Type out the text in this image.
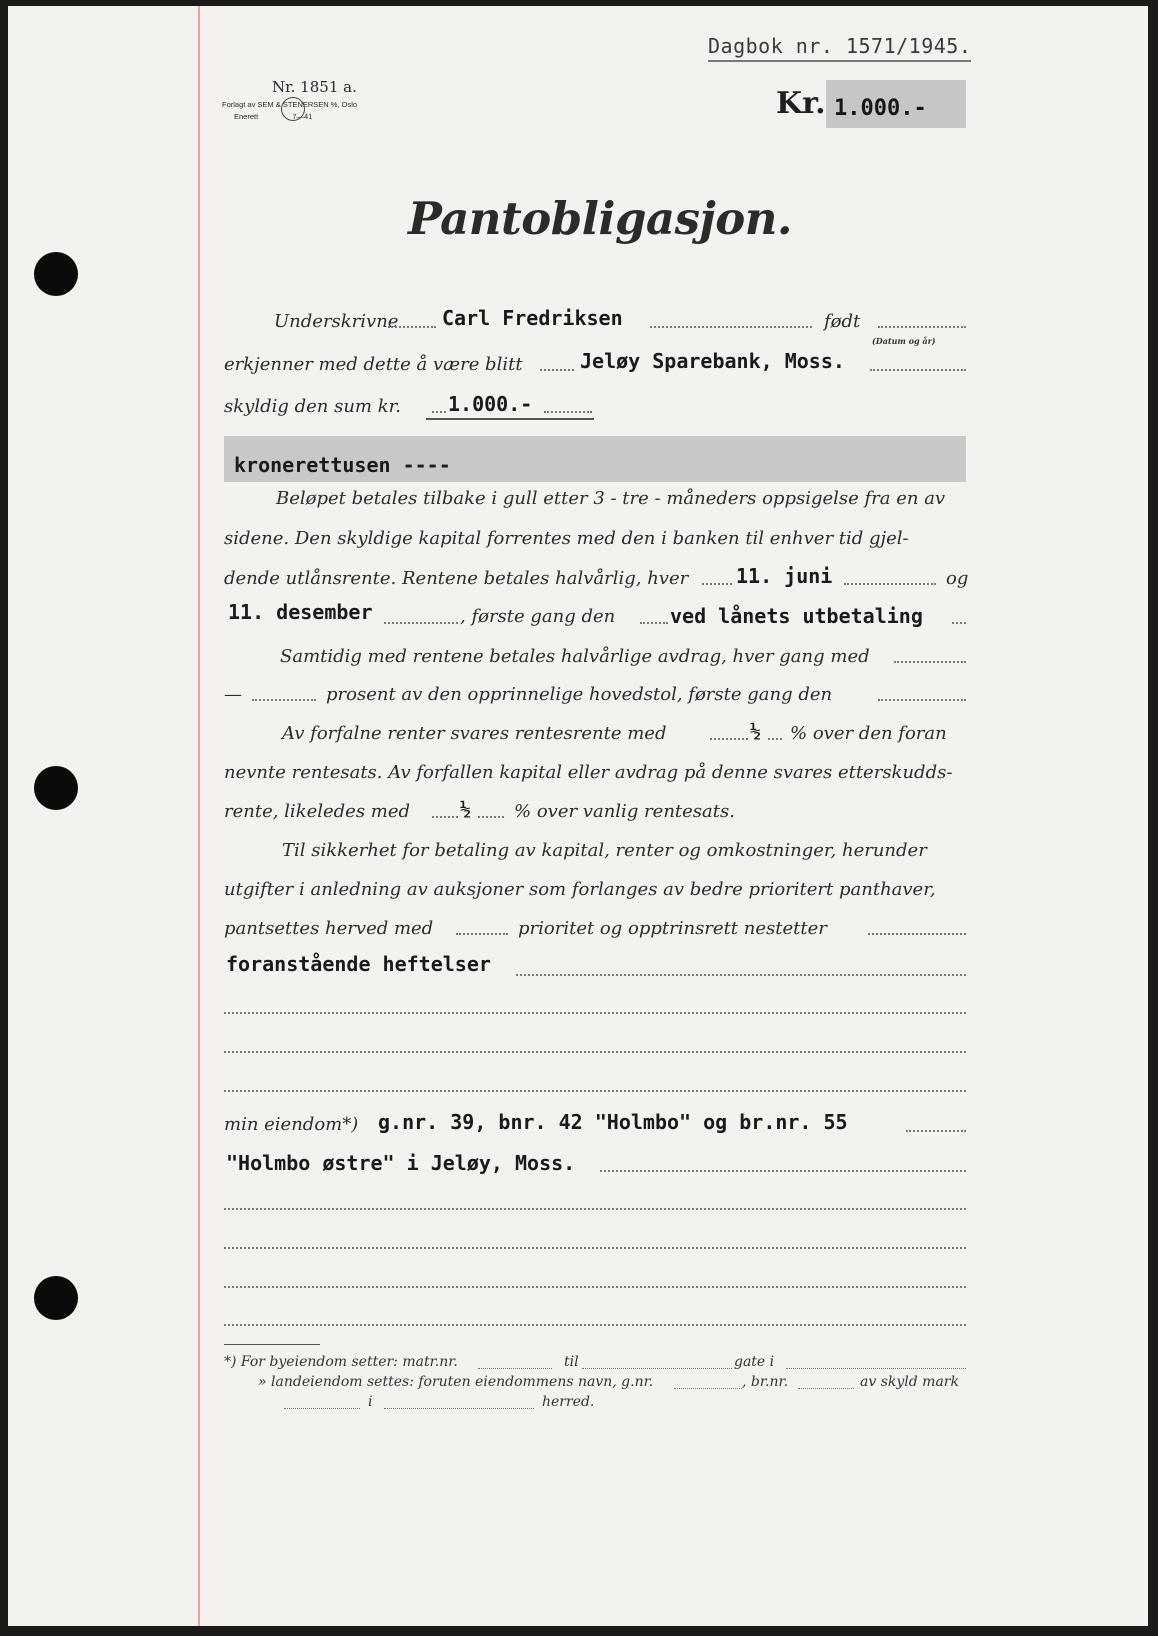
Nr. 1851 a.
Forlagt av SEM & STENERSEN %, Oslo
Enerett	7—41
Dagbok nr. 1571/1945.
Kr. 1.000.-
Pantobligasjon.
Underskrivne Carl Fredriksen	født
(Datum og år)
erkjenner med dette å være blitt	Jeløy Sparebank, Moss.
skyldig den sum kr. 1.000.-
kronerettusen ----
Beløpet betales tilbake i gull etter 3 - tre - måneders oppsigelse fra en av
sidene. Den skyldige kapital forrentes med den i banken til enhver tid gjel-
dende utlånsrente. Rentene betales halvårlig, hver 11. juni	og
11. desember	, første gang den	ved lånets utbetaling
Samtidig med rentene betales halvårlige avdrag, hver gang med
—	prosent av den opprinnelige hovedstol, første gang den
Av forfalne renter svares rentesrente med	½ % over den foran
nevnte rentesats. Av forfallen kapital eller avdrag på denne svares etterskudds-
rente, likeledes med	½ % over vanlig rentesats.
Til sikkerhet for betaling av kapital, renter og omkostninger, herunder
utgifter i anledning av auksjoner som forlanges av bedre prioritert panthaver,
pantsettes herved med	prioritet og opptrinsrett nestetter
foranstående heftelser
min eiendom*) g.nr. 39, bnr. 42 "Holmbo" og br.nr. 55
"Holmbo østre" i Jeløy, Moss.
*) For byeiendom setter: matr.nr.	til	gate i
» landeiendom settes: foruten eiendommens navn, g.nr.	, br.nr.	av skyld mark
i	herred.
